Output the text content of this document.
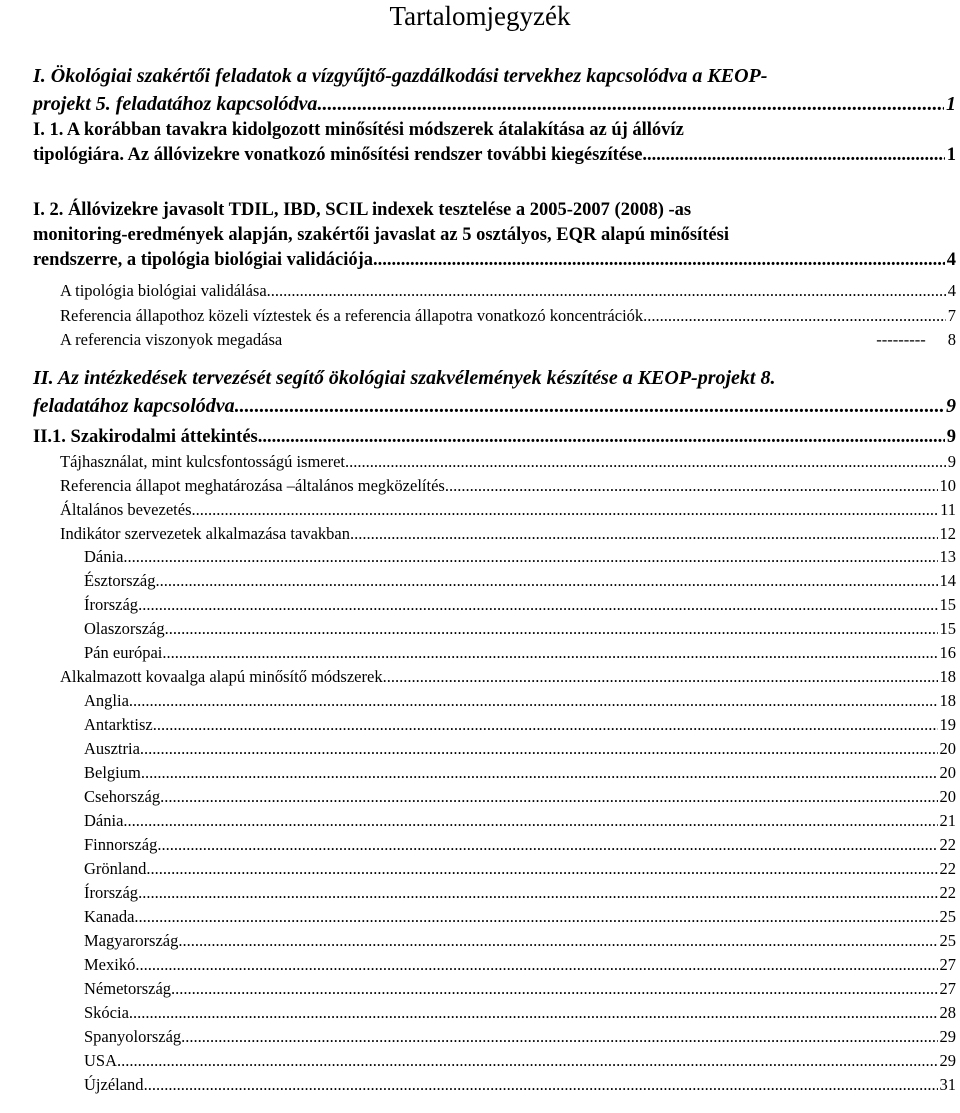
Tartalomjegyzék
I. Ökológiai szakértői feladatok a vízgyűjtő-gazdálkodási tervekhez kapcsolódva a KEOP-
projekt 5. feladatához kapcsolódva .....	1
I. 1. A korábban tavakra kidolgozott minősítési módszerek átalakítása az új állóvíz
tipológiára. Az állóvizekre vonatkozó minősítési rendszer további kiegészítése. .....	1
I. 2. Állóvizekre javasolt TDIL, IBD, SCIL indexek tesztelése a 2005-2007 (2008) -as
monitoring-eredmények alapján, szakértői javaslat az 5 osztályos, EQR alapú minősítési
rendszerre, a tipológia biológiai validációja. .....	4
A tipológia biológiai validálása .....	4
Referencia állapothoz közeli víztestek és a referencia állapotra vonatkozó koncentrációk .....	7
A referencia viszonyok megadása	--------- 8
II. Az intézkedések tervezését segítő ökológiai szakvélemények készítése a KEOP-projekt 8.
feladatához kapcsolódva .....	9
II.1. Szakirodalmi áttekintés .....	9
Tájhasználat, mint kulcsfontosságú ismeret .....	9
Referencia állapot meghatározása –általános megközelítés .....	10
Általános bevezetés .....	11
Indikátor szervezetek alkalmazása tavakban .....	12
Dánia .....	13
Észtország .....	14
Írország .....	15
Olaszország .....	15
Pán európai .....	16
Alkalmazott kovaalga alapú minősítő módszerek .....	18
Anglia .....	18
Antarktisz .....	19
Ausztria .....	20
Belgium .....	20
Csehország .....	20
Dánia .....	21
Finnország .....	22
Grönland .....	22
Írország .....	22
Kanada .....	25
Magyarország .....	25
Mexikó .....	27
Németország .....	27
Skócia .....	28
Spanyolország .....	29
USA .....	29
Újzéland .....	31
